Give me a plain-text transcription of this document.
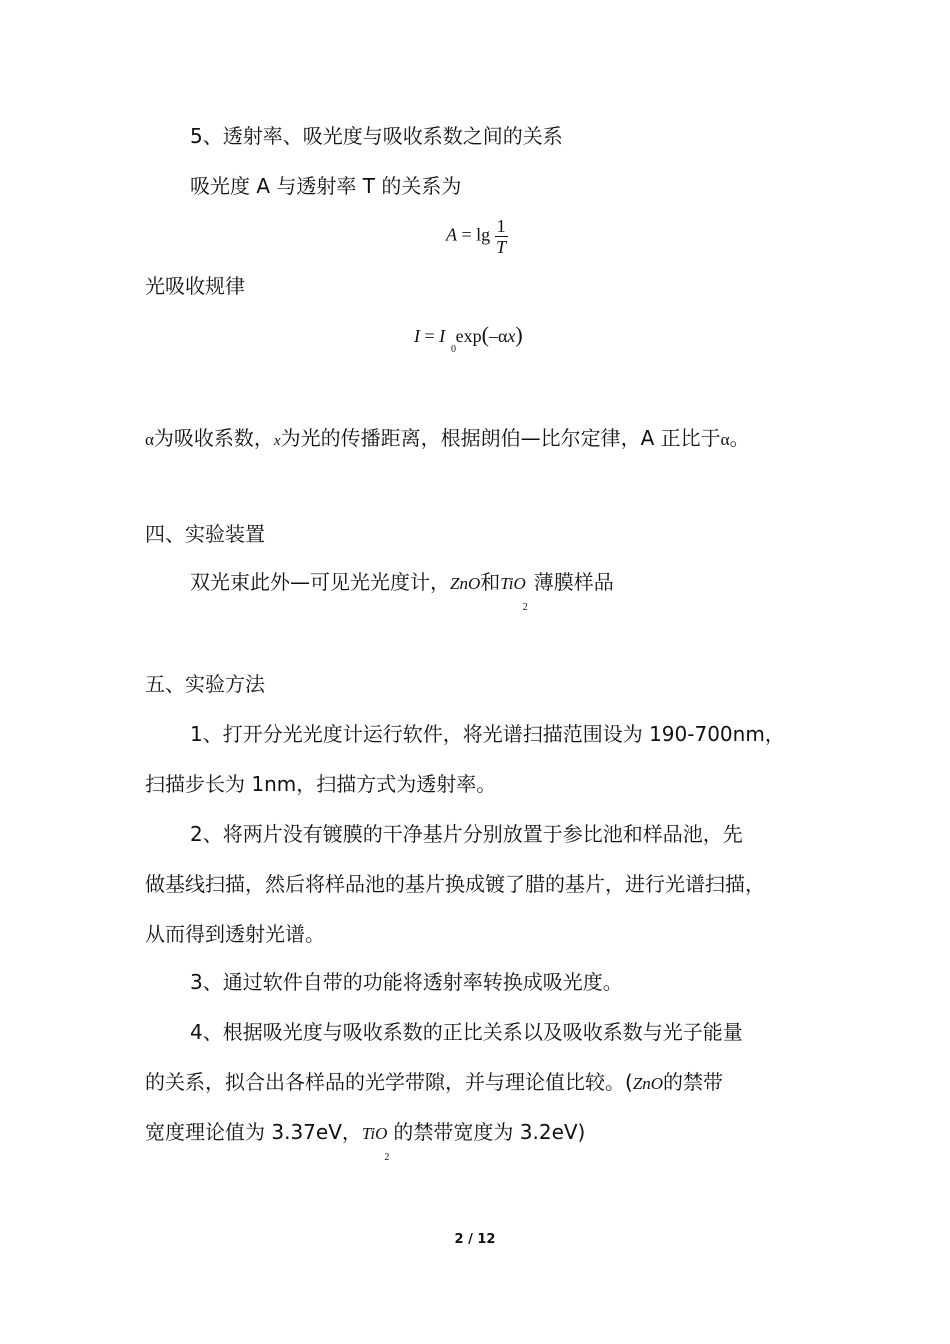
5、透射率、吸光度与吸收系数之间的关系
吸光度 A 与透射率 T 的关系为
$A = \lg \frac{1}{T}$
光吸收规律
I = I
0
exp(–αx)
α为吸收系数，x为光的传播距离，根据朗伯—比尔定律，A 正比于α。
四、实验装置
双光束此外—可见光光度计，ZnO和TiO
2
薄膜样品
五、实验方法
1、打开分光光度计运行软件，将光谱扫描范围设为 190-700nm，
扫描步长为 1nm，扫描方式为透射率。
2、将两片没有镀膜的干净基片分别放置于参比池和样品池，先
做基线扫描，然后将样品池的基片换成镀了腊的基片，进行光谱扫描，
从而得到透射光谱。
3、通过软件自带的功能将透射率转换成吸光度。
4、根据吸光度与吸收系数的正比关系以及吸收系数与光子能量
的关系，拟合出各样品的光学带隙，并与理论值比较。(ZnO的禁带
宽度理论值为 3.37eV，TiO
2
的禁带宽度为 3.2eV)
2 / 12
